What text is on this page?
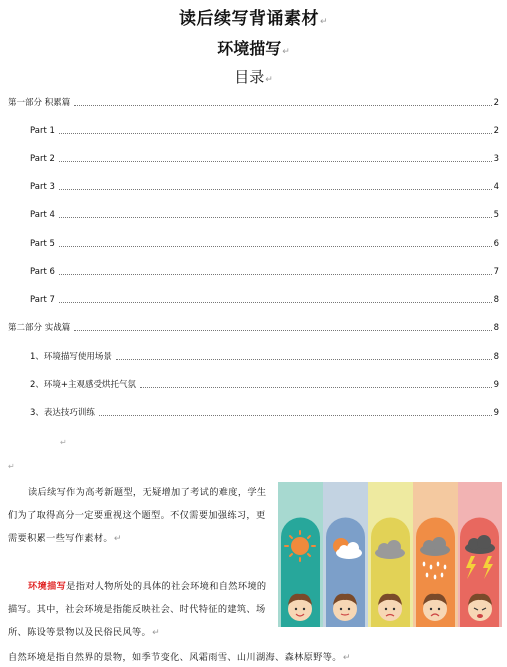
读后续写背诵素材↵
环境描写↵
目录↵
第一部分 积累篇	2
Part 1	2
Part 2	3
Part 3	4
Part 4	5
Part 5	6
Part 6	7
Part 7	8
第二部分 实战篇	8
1、环境描写使用场景	8
2、环境+主观感受烘托气氛	9
3、表达技巧训练	9
↵
↵
读后续写作为高考新题型，无疑增加了考试的难度，学生们为了取得高分一定要重视这个题型。不仅需要加强练习，更需要积累一些写作素材。↵
环境描写是指对人物所处的具体的社会环境和自然环境的描写。其中，社会环境是指能反映社会、时代特征的建筑、场所、陈设等景物以及民俗民风等。↵
自然环境是指自然界的景物，如季节变化、风霜雨雪、山川湖海、森林原野等。↵
